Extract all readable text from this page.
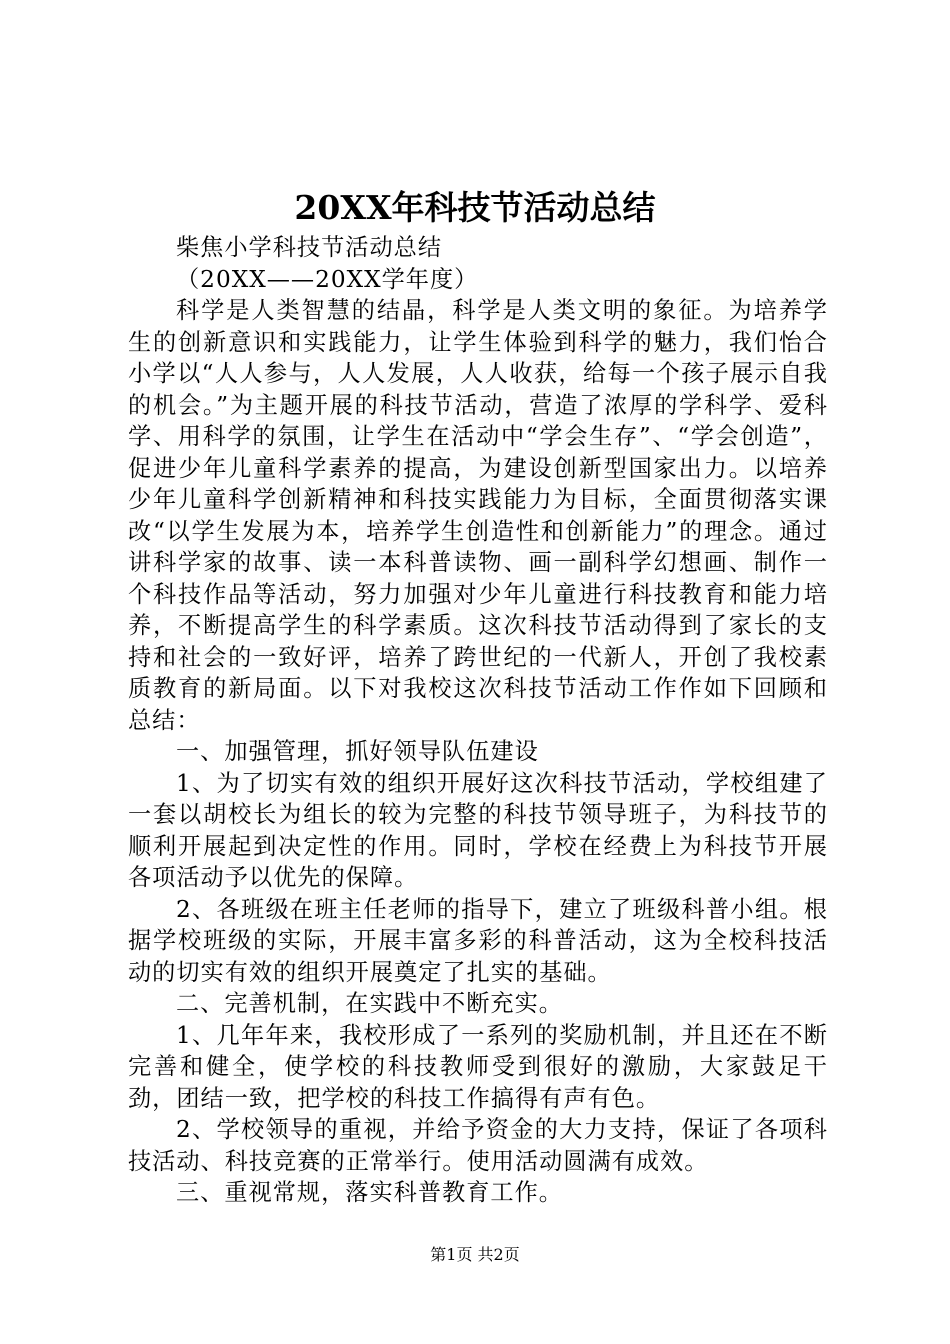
20XX年科技节活动总结

柴焦小学科技节活动总结

（20XX——20XX学年度）

科学是人类智慧的结晶，科学是人类文明的象征。为培养学生的创新意识和实践能力，让学生体验到科学的魅力，我们怡合小学以“人人参与，人人发展，人人收获，给每一个孩子展示自我的机会。”为主题开展的科技节活动，营造了浓厚的学科学、爱科学、用科学的氛围，让学生在活动中“学会生存”、“学会创造”，促进少年儿童科学素养的提高，为建设创新型国家出力。以培养少年儿童科学创新精神和科技实践能力为目标，全面贯彻落实课改“以学生发展为本，培养学生创造性和创新能力”的理念。通过讲科学家的故事、读一本科普读物、画一副科学幻想画、制作一个科技作品等活动，努力加强对少年儿童进行科技教育和能力培养，不断提高学生的科学素质。这次科技节活动得到了家长的支持和社会的一致好评，培养了跨世纪的一代新人，开创了我校素质教育的新局面。以下对我校这次科技节活动工作作如下回顾和总结：

一、加强管理，抓好领导队伍建设

1、为了切实有效的组织开展好这次科技节活动，学校组建了一套以胡校长为组长的较为完整的科技节领导班子，为科技节的顺利开展起到决定性的作用。同时，学校在经费上为科技节开展各项活动予以优先的保障。

2、各班级在班主任老师的指导下，建立了班级科普小组。根据学校班级的实际，开展丰富多彩的科普活动，这为全校科技活动的切实有效的组织开展奠定了扎实的基础。

二、完善机制，在实践中不断充实。

1、几年年来，我校形成了一系列的奖励机制，并且还在不断完善和健全，使学校的科技教师受到很好的激励，大家鼓足干劲，团结一致，把学校的科技工作搞得有声有色。

2、学校领导的重视，并给予资金的大力支持，保证了各项科技活动、科技竞赛的正常举行。使用活动圆满有成效。

三、重视常规，落实科普教育工作。

第1页 共2页
